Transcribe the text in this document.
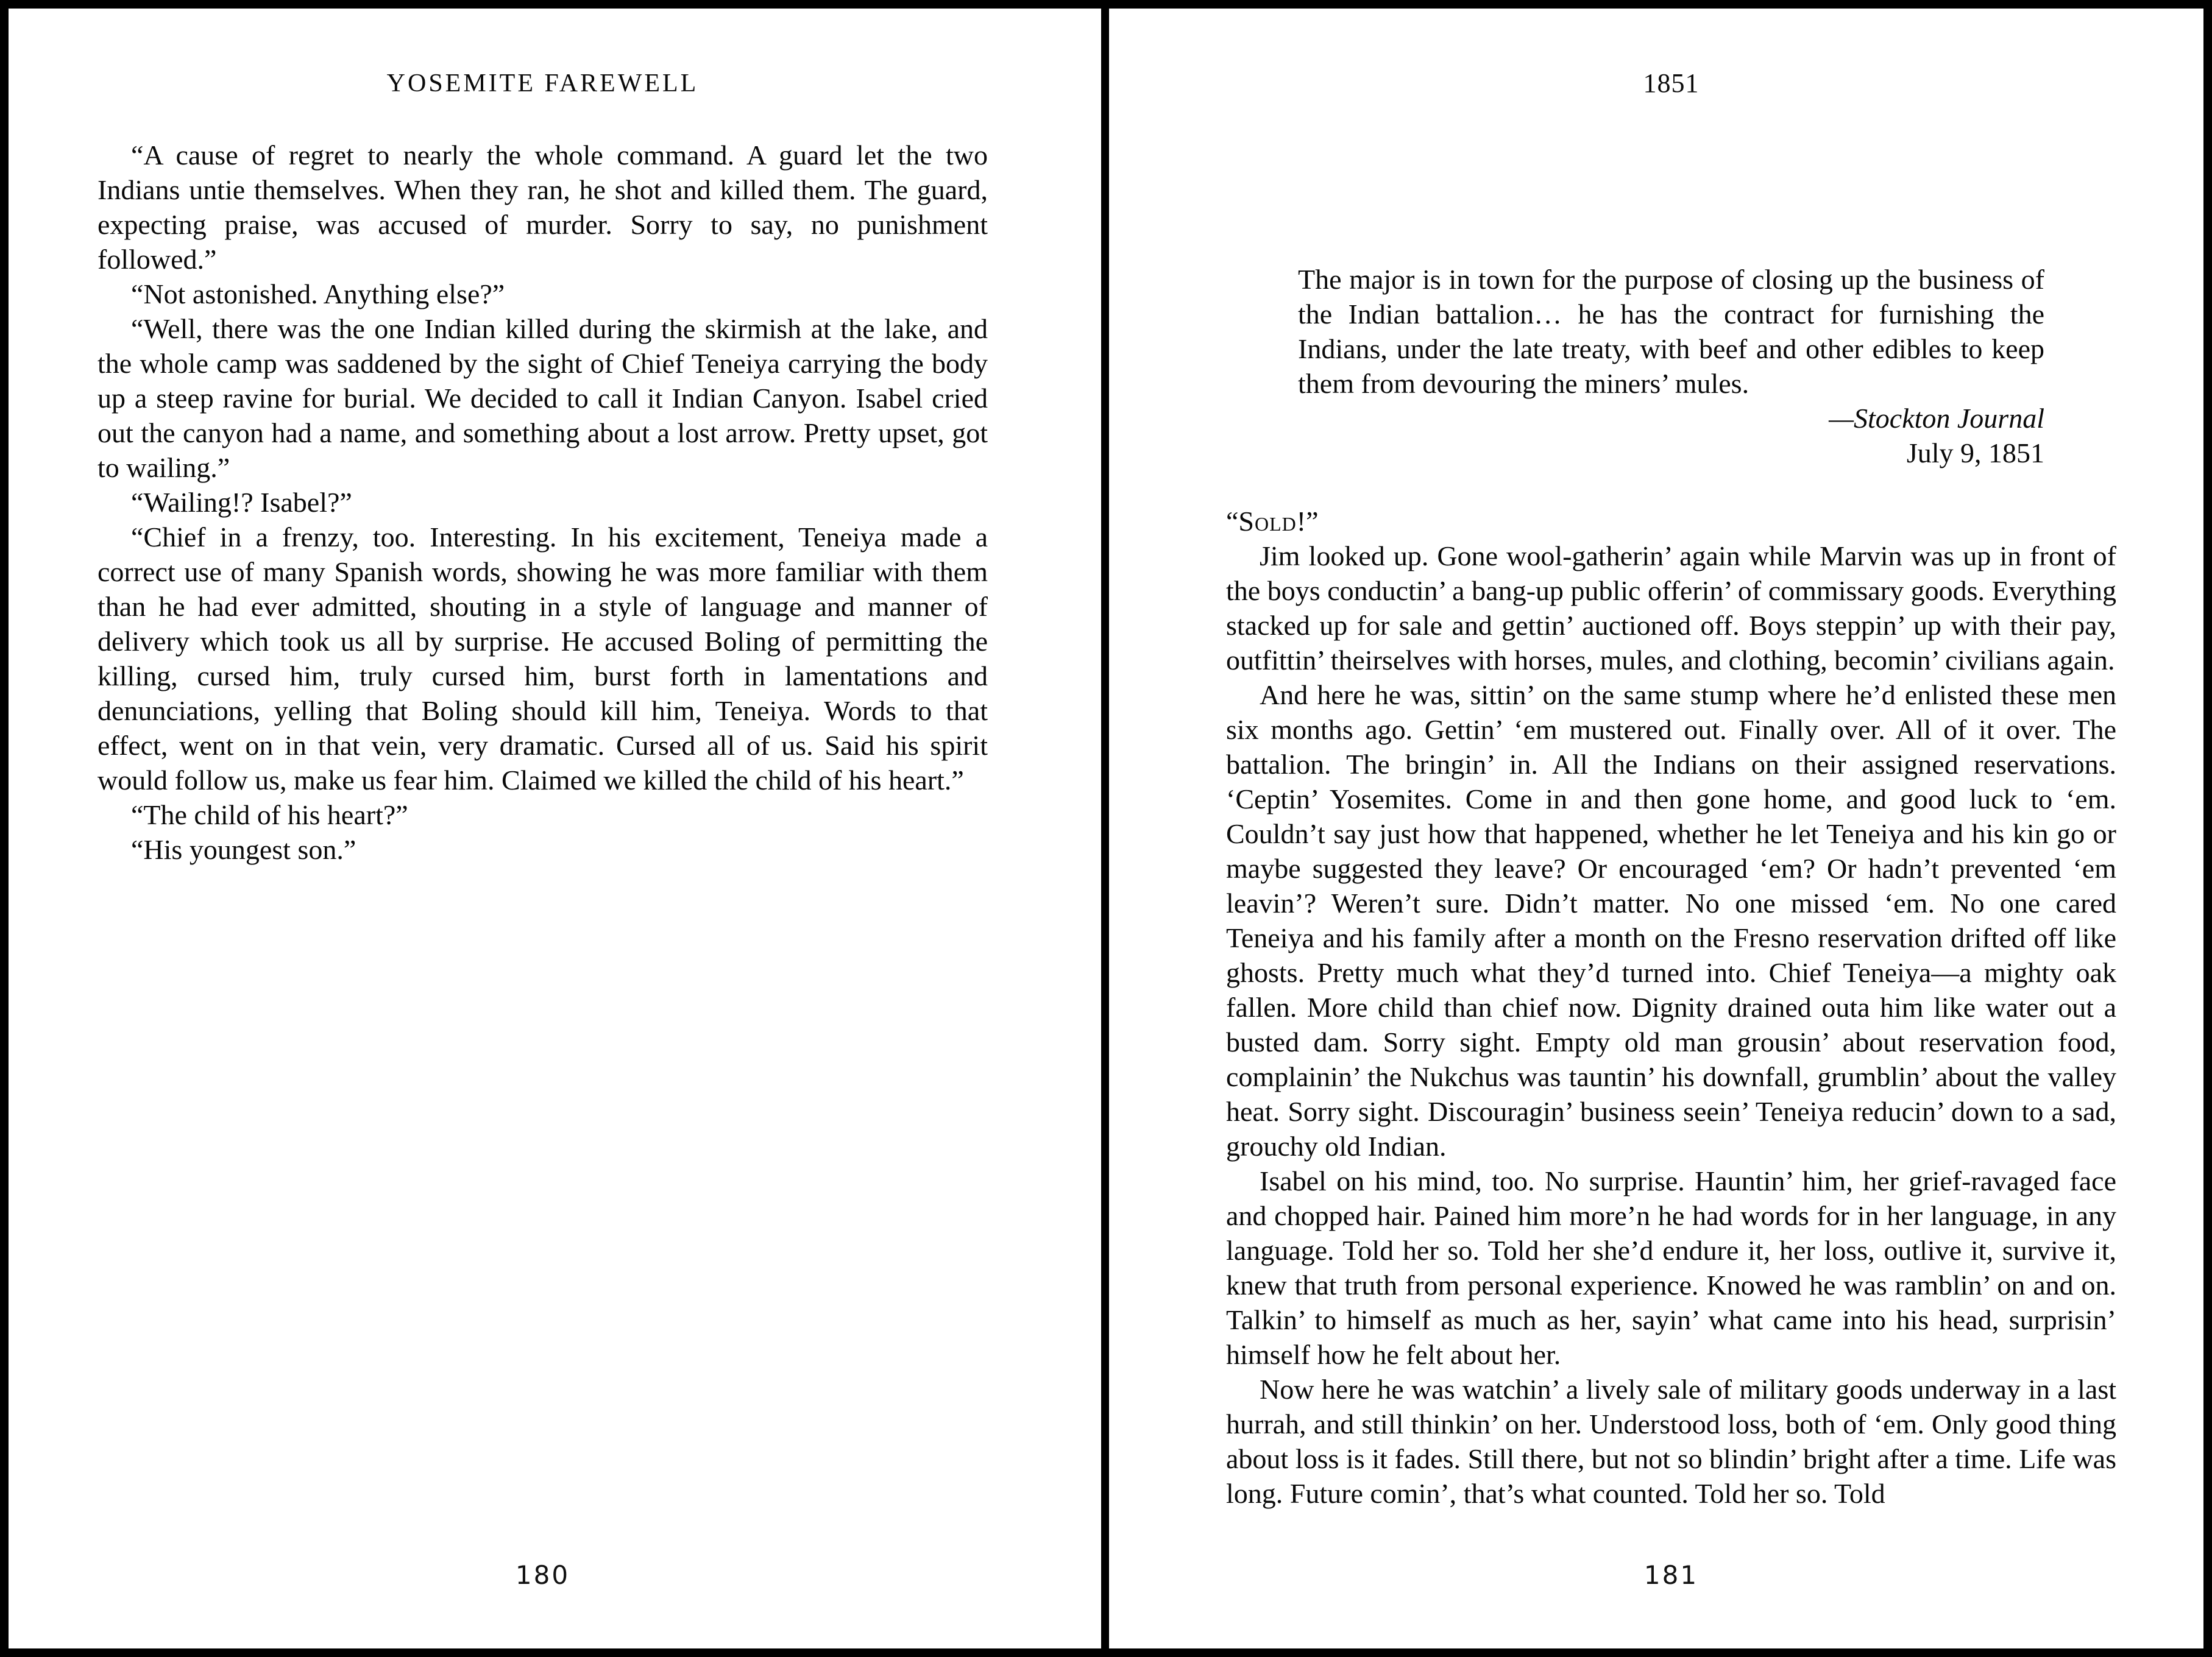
YOSEMITE FAREWELL

“A cause of regret to nearly the whole command. A guard let the two Indians untie themselves. When they ran, he shot and killed them. The guard, expecting praise, was accused of murder. Sorry to say, no punishment followed.”

“Not astonished. Anything else?”

“Well, there was the one Indian killed during the skirmish at the lake, and the whole camp was saddened by the sight of Chief Teneiya carrying the body up a steep ravine for burial. We decided to call it Indian Canyon. Isabel cried out the canyon had a name, and something about a lost arrow. Pretty upset, got to wailing.”

“Wailing!? Isabel?”

“Chief in a frenzy, too. Interesting. In his excitement, Teneiya made a correct use of many Spanish words, showing he was more familiar with them than he had ever admitted, shouting in a style of language and manner of delivery which took us all by surprise. He accused Boling of permitting the killing, cursed him, truly cursed him, burst forth in lamentations and denunciations, yelling that Boling should kill him, Teneiya. Words to that effect, went on in that vein, very dramatic. Cursed all of us. Said his spirit would follow us, make us fear him. Claimed we killed the child of his heart.”

“The child of his heart?”

“His youngest son.”

180
1851
The major is in town for the purpose of closing up the business of the Indian battalion… he has the contract for furnishing the Indians, under the late treaty, with beef and other edibles to keep them from devouring the miners’ mules.
—Stockton Journal
July 9, 1851

“Sold!”

Jim looked up. Gone wool-gatherin’ again while Marvin was up in front of the boys conductin’ a bang-up public offerin’ of commissary goods. Everything stacked up for sale and gettin’ auctioned off. Boys steppin’ up with their pay, outfittin’ theirselves with horses, mules, and clothing, becomin’ civilians again.

And here he was, sittin’ on the same stump where he’d enlisted these men six months ago. Gettin’ ‘em mustered out. Finally over. All of it over. The battalion. The bringin’ in. All the Indians on their assigned reservations. ‘Ceptin’ Yosemites. Come in and then gone home, and good luck to ‘em. Couldn’t say just how that happened, whether he let Teneiya and his kin go or maybe suggested they leave? Or encouraged ‘em? Or hadn’t prevented ‘em leavin’? Weren’t sure. Didn’t matter. No one missed ‘em. No one cared Teneiya and his family after a month on the Fresno reservation drifted off like ghosts. Pretty much what they’d turned into. Chief Teneiya—a mighty oak fallen. More child than chief now. Dignity drained outa him like water out a busted dam. Sorry sight. Empty old man grousin’ about reservation food, complainin’ the Nukchus was tauntin’ his downfall, grumblin’ about the valley heat. Sorry sight. Discouragin’ business seein’ Teneiya reducin’ down to a sad, grouchy old Indian.

Isabel on his mind, too. No surprise. Hauntin’ him, her grief-ravaged face and chopped hair. Pained him more’n he had words for in her language, in any language. Told her so. Told her she’d endure it, her loss, outlive it, survive it, knew that truth from personal experience. Knowed he was ramblin’ on and on. Talkin’ to himself as much as her, sayin’ what came into his head, surprisin’ himself how he felt about her.

Now here he was watchin’ a lively sale of military goods underway in a last hurrah, and still thinkin’ on her. Understood loss, both of ‘em. Only good thing about loss is it fades. Still there, but not so blindin’ bright after a time. Life was long. Future comin’, that’s what counted. Told her so. Told

181
